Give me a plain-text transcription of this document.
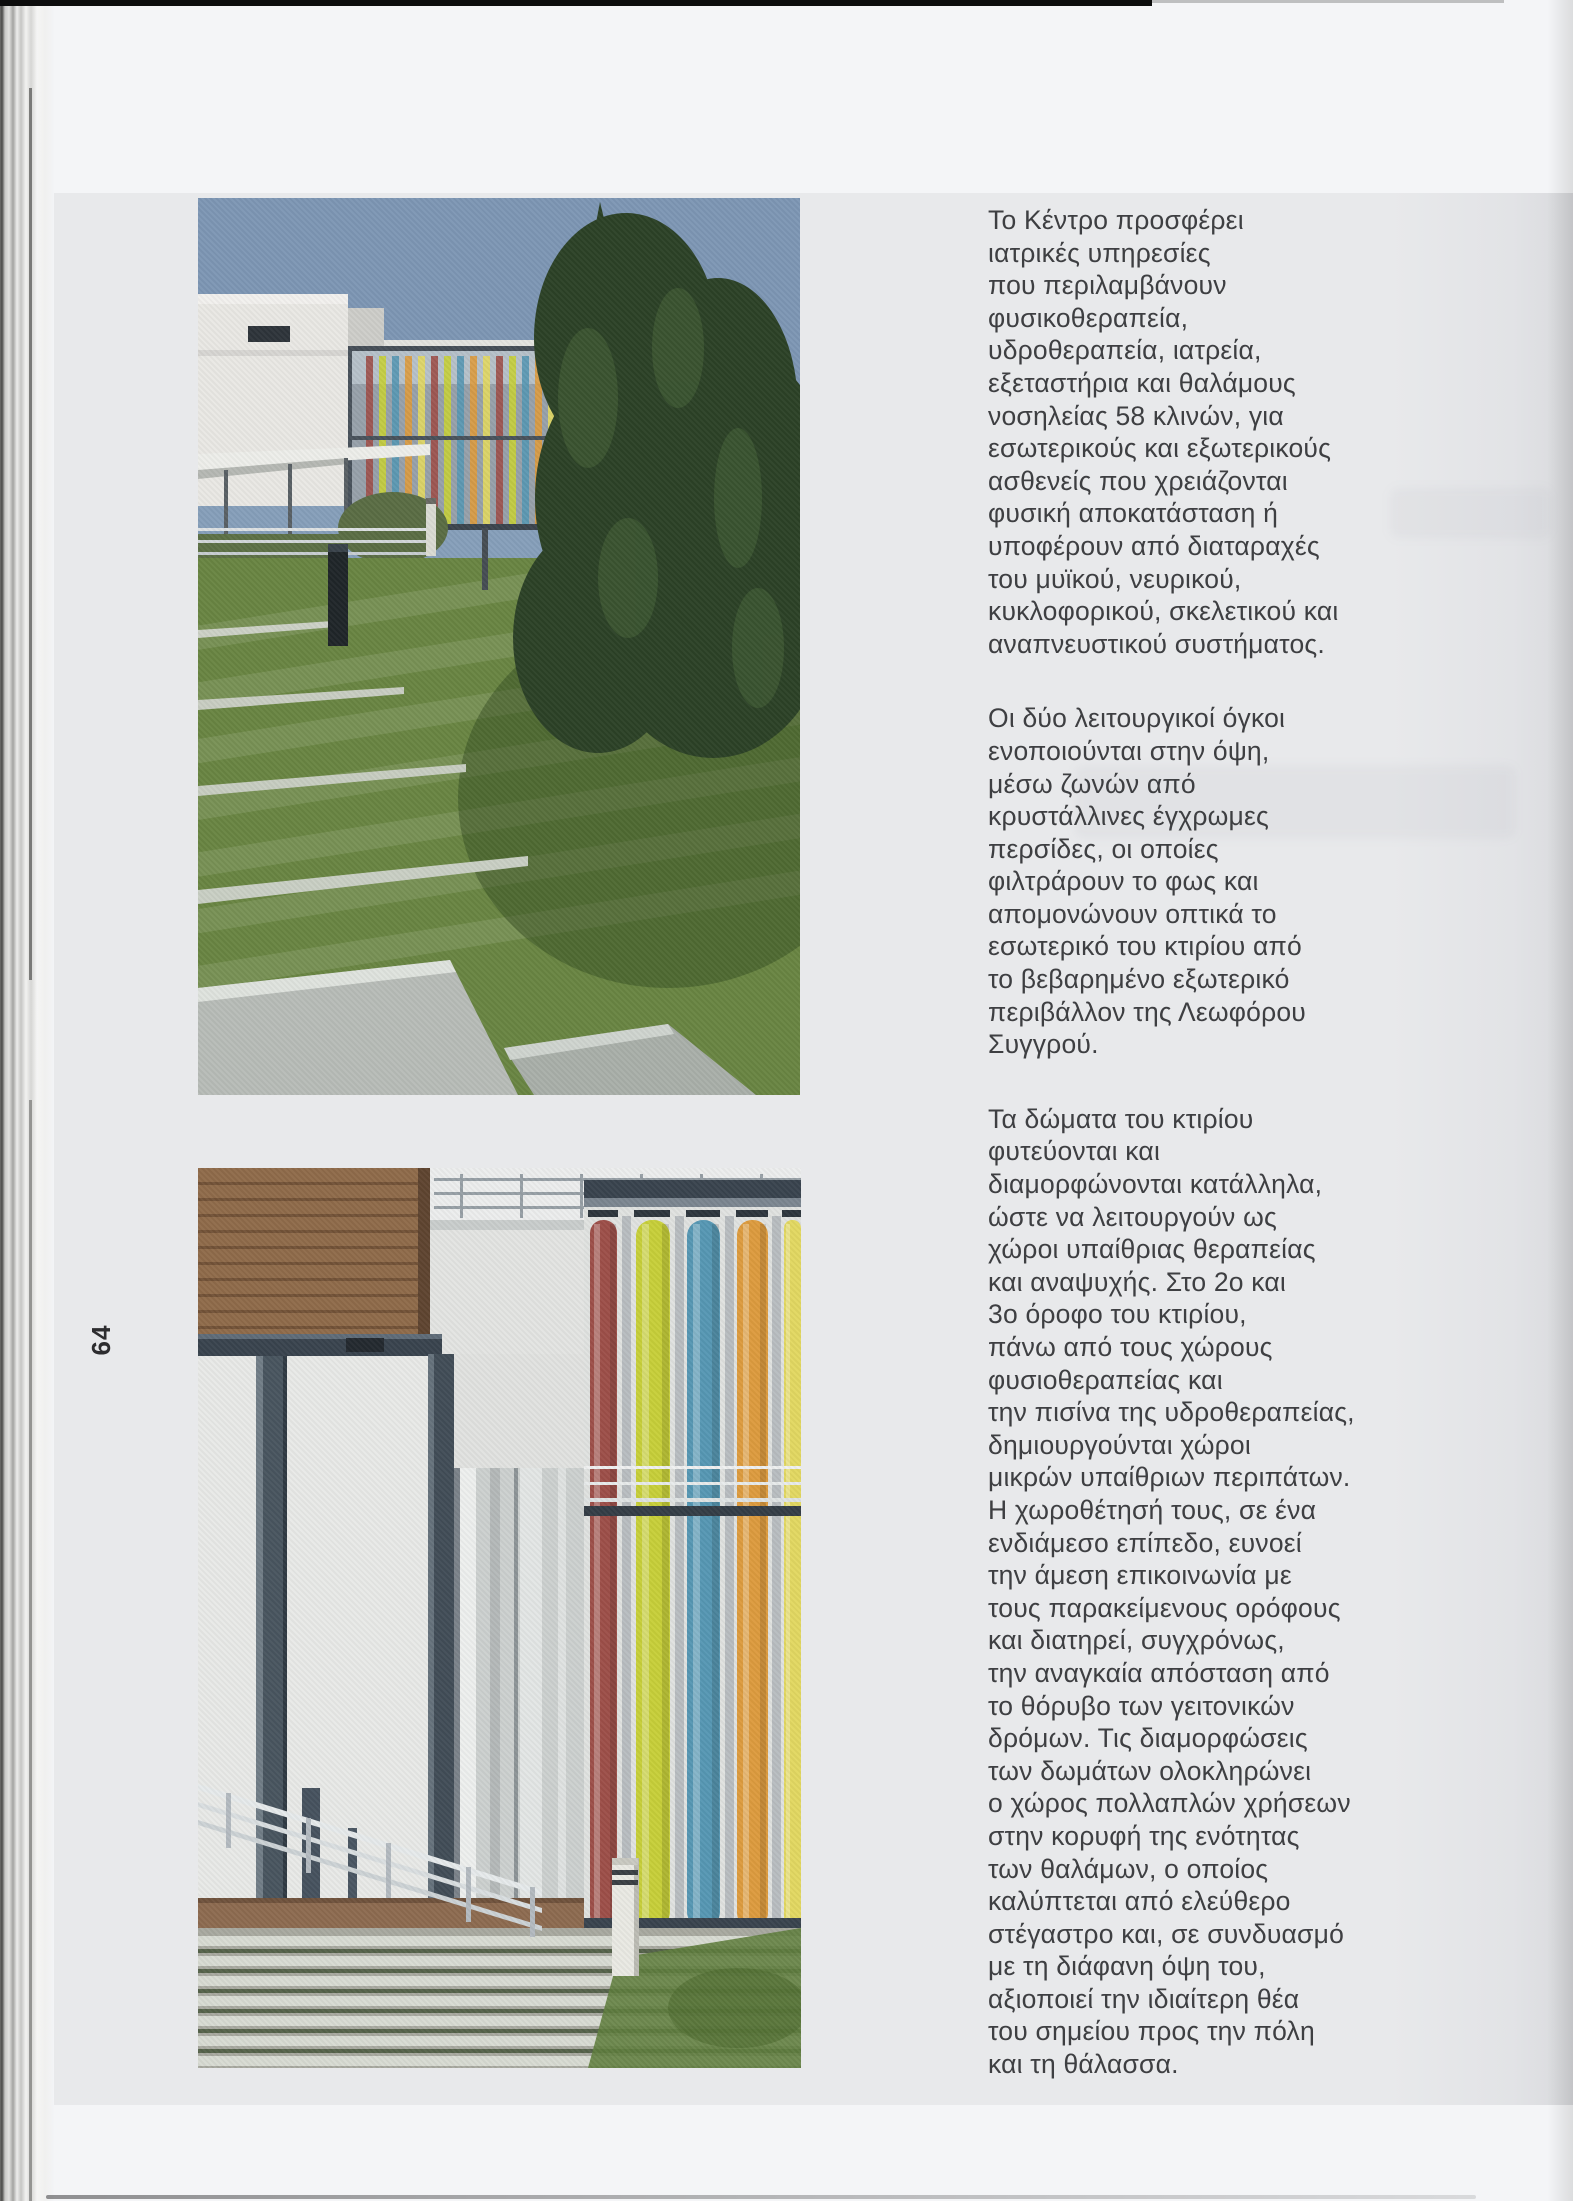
64
Το Κέντρο προσφέρει
ιατρικές υπηρεσίες
που περιλαμβάνουν
φυσικοθεραπεία,
υδροθεραπεία, ιατρεία,
εξεταστήρια και θαλάμους
νοσηλείας 58 κλινών, για
εσωτερικούς και εξωτερικούς
ασθενείς που χρειάζονται
φυσική αποκατάσταση ή
υποφέρουν από διαταραχές
του μυϊκού, νευρικού,
κυκλοφορικού, σκελετικού και
αναπνευστικού συστήματος.
Οι δύο λειτουργικοί όγκοι
ενοποιούνται στην όψη,
μέσω ζωνών από
κρυστάλλινες έγχρωμες
περσίδες, οι οποίες
φιλτράρουν το φως και
απομονώνουν οπτικά το
εσωτερικό του κτιρίου από
το βεβαρημένο εξωτερικό
περιβάλλον της Λεωφόρου
Συγγρού.
Τα δώματα του κτιρίου
φυτεύονται και
διαμορφώνονται κατάλληλα,
ώστε να λειτουργούν ως
χώροι υπαίθριας θεραπείας
και αναψυχής. Στο 2ο και
3ο όροφο του κτιρίου,
πάνω από τους χώρους
φυσιοθεραπείας και
την πισίνα της υδροθεραπείας,
δημιουργούνται χώροι
μικρών υπαίθριων περιπάτων.
Η χωροθέτησή τους, σε ένα
ενδιάμεσο επίπεδο, ευνοεί
την άμεση επικοινωνία με
τους παρακείμενους ορόφους
και διατηρεί, συγχρόνως,
την αναγκαία απόσταση από
το θόρυβο των γειτονικών
δρόμων. Τις διαμορφώσεις
των δωμάτων ολοκληρώνει
ο χώρος πολλαπλών χρήσεων
στην κορυφή της ενότητας
των θαλάμων, ο οποίος
καλύπτεται από ελεύθερο
στέγαστρο και, σε συνδυασμό
με τη διάφανη όψη του,
αξιοποιεί την ιδιαίτερη θέα
του σημείου προς την πόλη
και τη θάλασσα.
